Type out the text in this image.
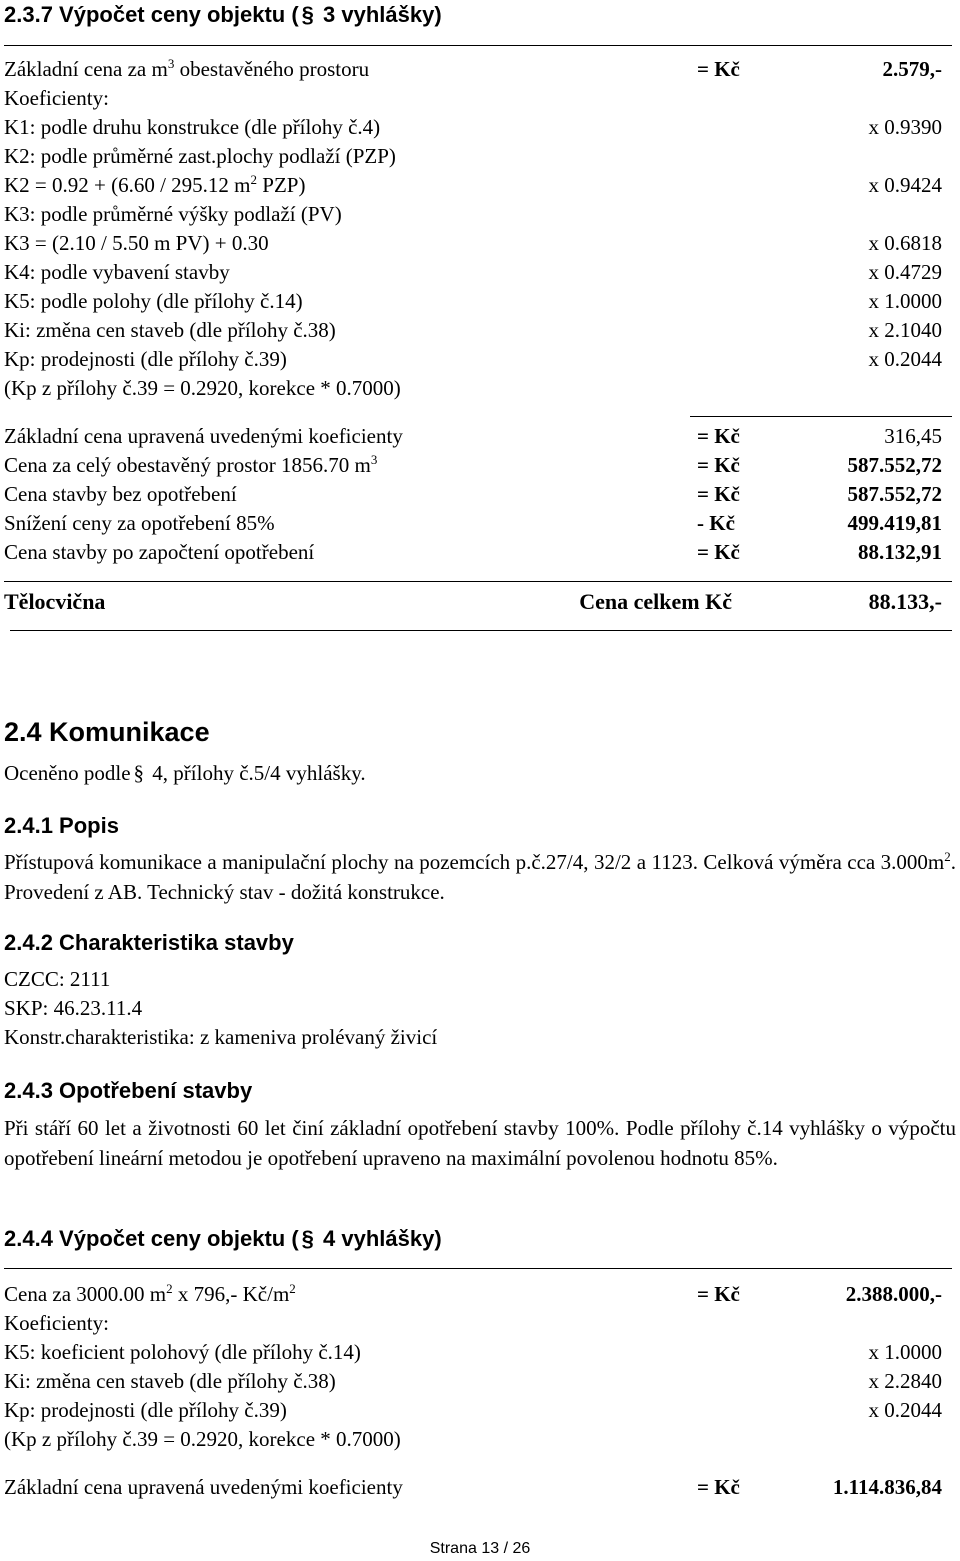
2.3.7 Výpočet ceny objektu ( § 3 vyhlášky)
Základní cena za $m^3$ obestavěného prostoru	= Kč	2.579,-
Koeficienty:
K1: podle druhu konstrukce (dle přílohy č.4)	x 0.9390
K2: podle průměrné zast.plochy podlaží (PZP)
K2 = 0.92 + (6.60 / 295.12 $m^2$ PZP)	x 0.9424
K3: podle průměrné výšky podlaží (PV)
K3 = (2.10 / 5.50 m PV) + 0.30	x 0.6818
K4: podle vybavení stavby	x 0.4729
K5: podle polohy (dle přílohy č.14)	x 1.0000
Ki: změna cen staveb (dle přílohy č.38)	x 2.1040
Kp: prodejnosti (dle přílohy č.39)	x 0.2044
(Kp z přílohy č.39 = 0.2920, korekce * 0.7000)
Základní cena upravená uvedenými koeficienty	= Kč	316,45
Cena za celý obestavěný prostor 1856.70 $m^3$	= Kč	587.552,72
Cena stavby bez opotřebení	= Kč	587.552,72
Snížení ceny za opotřebení 85%	- Kč	499.419,81
Cena stavby po započtení opotřebení	= Kč	88.132,91
Tělocvična	Cena celkem Kč	88.133,-
2.4 Komunikace
Oceněno podle § 4, přílohy č.5/4 vyhlášky.
2.4.1 Popis
Přístupová komunikace a manipulační plochy na pozemcích p.č.27/4, 32/2 a 1123. Celková výměra cca $3.000m^2$. Provedení z AB. Technický stav - dožitá konstrukce.
2.4.2 Charakteristika stavby
CZCC: 2111
SKP: 46.23.11.4
Konstr.charakteristika: z kameniva prolévaný živicí
2.4.3 Opotřebení stavby
Při stáří 60 let a životnosti 60 let činí základní opotřebení stavby 100%. Podle přílohy č.14 vyhlášky o výpočtu opotřebení lineární metodou je opotřebení upraveno na maximální povolenou hodnotu 85%.
2.4.4 Výpočet ceny objektu ( § 4 vyhlášky)
Cena za 3000.00 $m^2$ x 796,- $Kč/m^2$	= Kč	2.388.000,-
Koeficienty:
K5: koeficient polohový (dle přílohy č.14)	x 1.0000
Ki: změna cen staveb (dle přílohy č.38)	x 2.2840
Kp: prodejnosti (dle přílohy č.39)	x 0.2044
(Kp z přílohy č.39 = 0.2920, korekce * 0.7000)
Základní cena upravená uvedenými koeficienty	= Kč	1.114.836,84
Strana 13 / 26
